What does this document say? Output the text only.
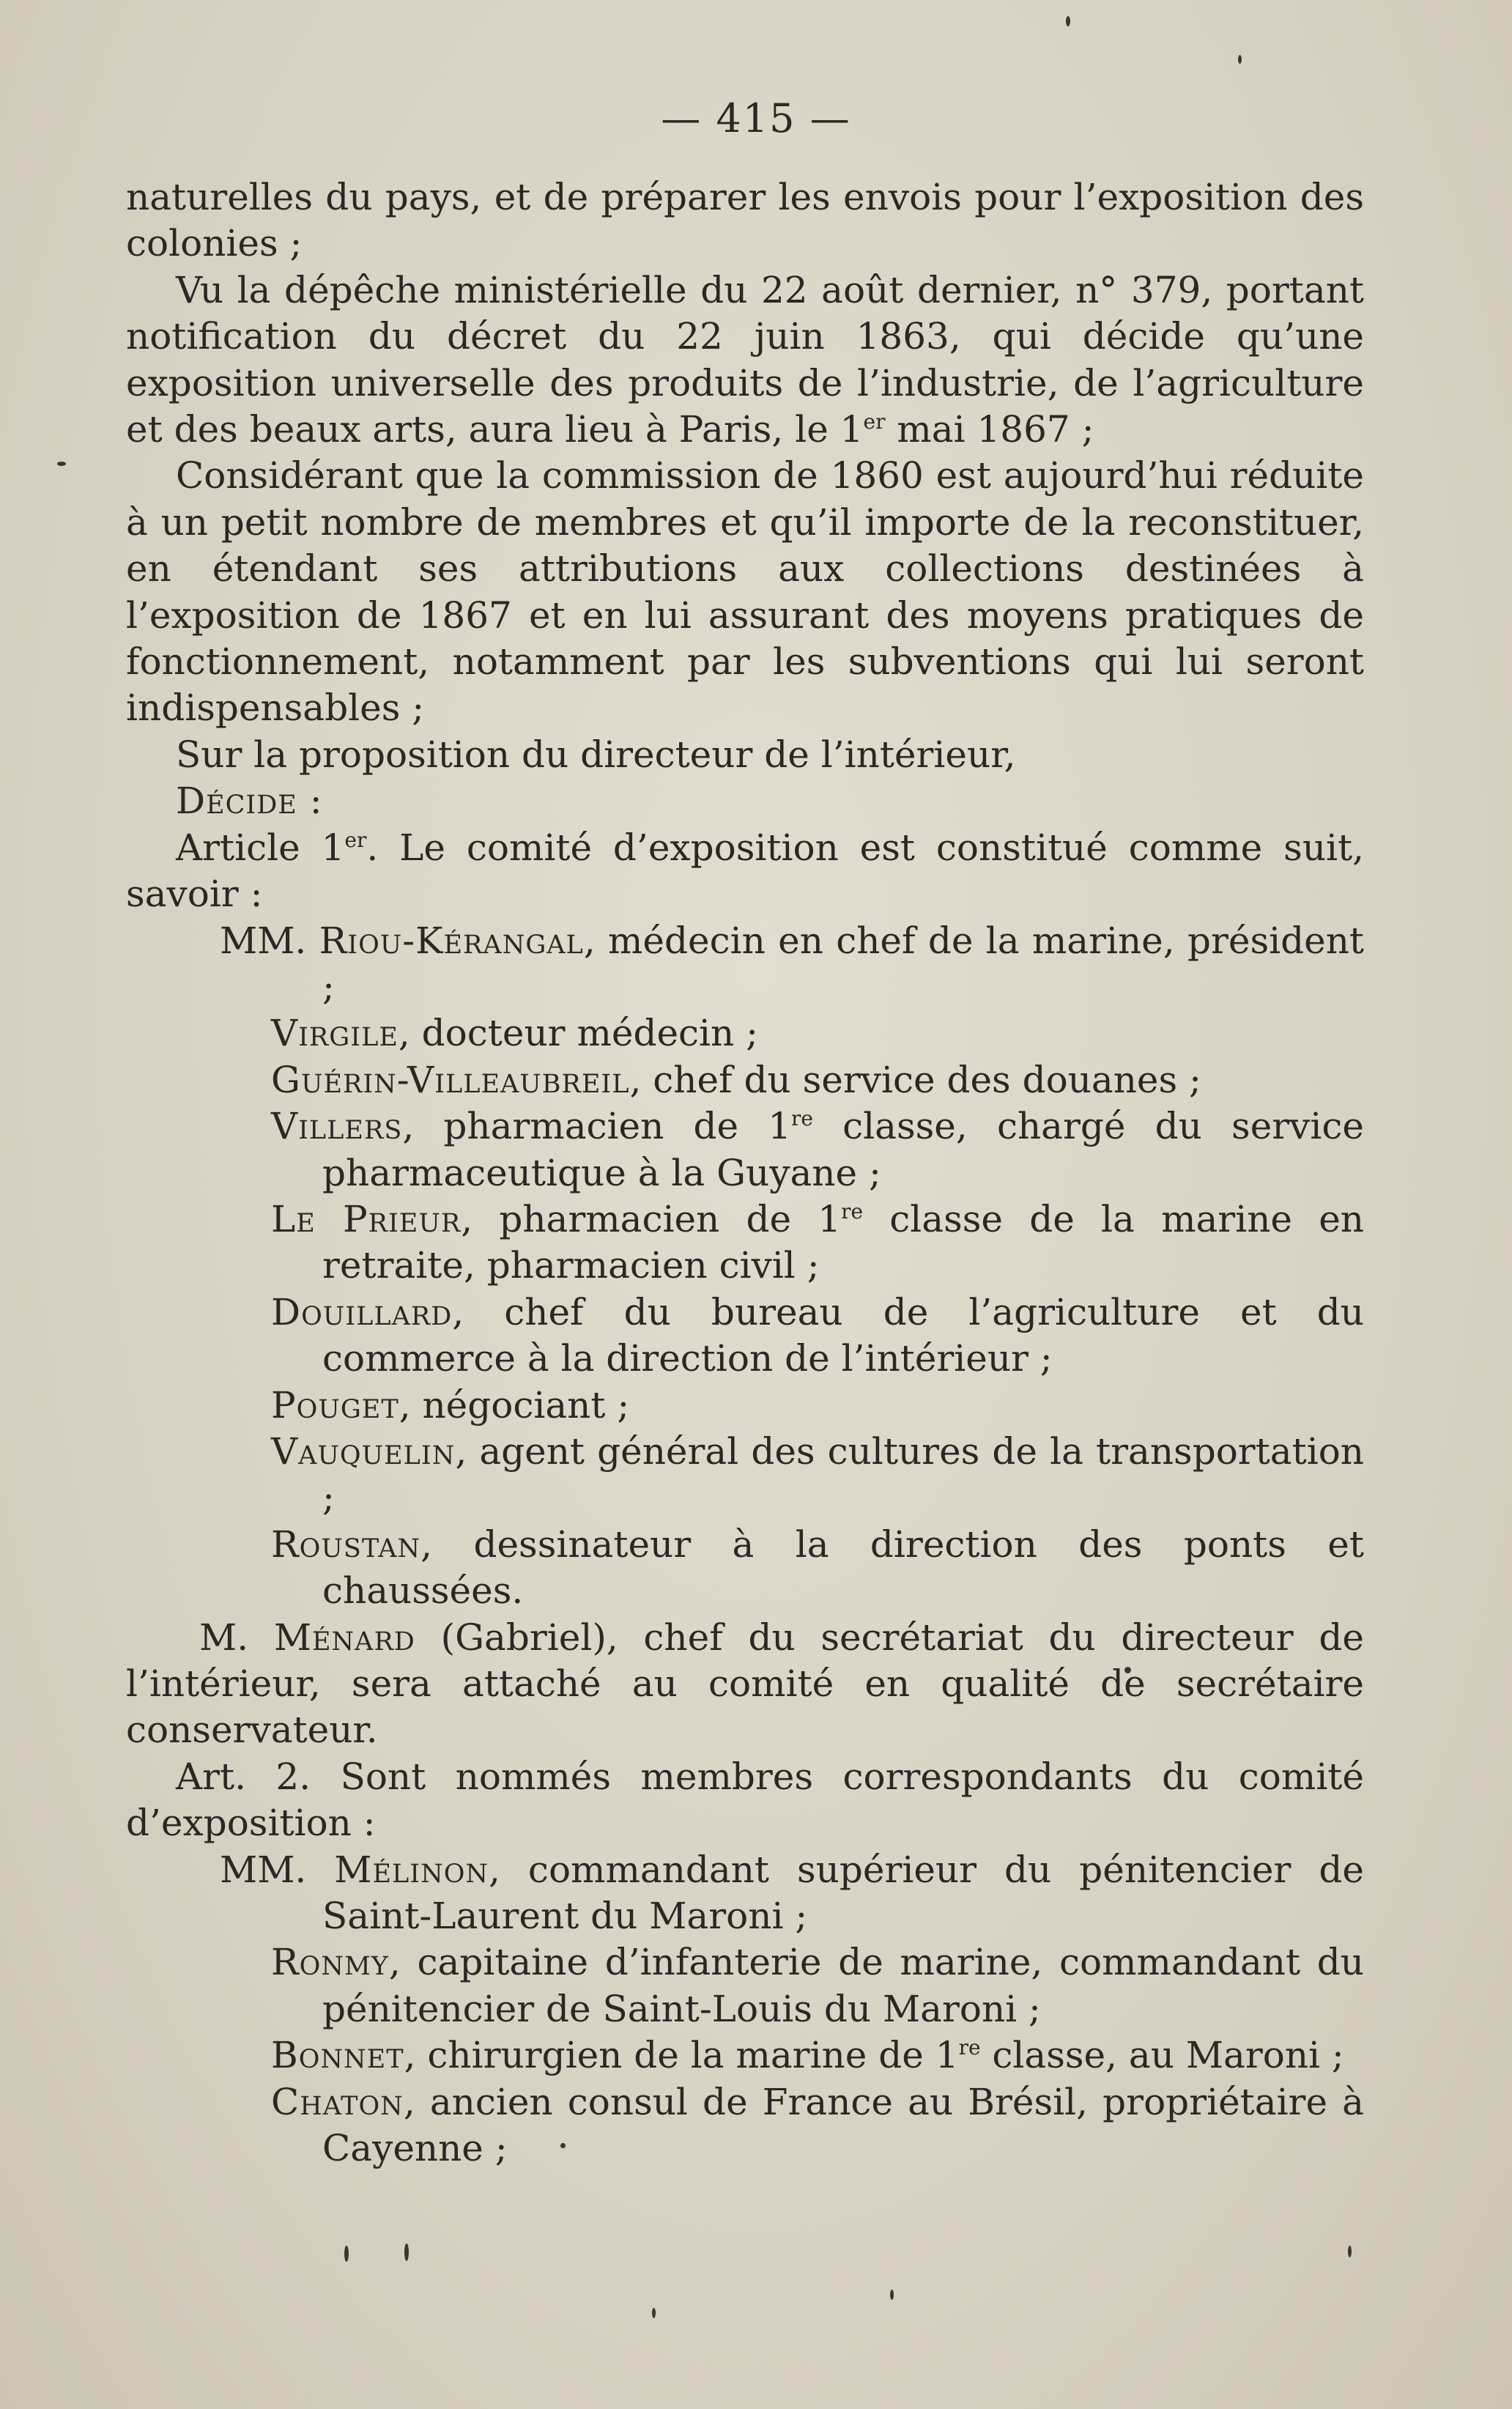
— 415 —

naturelles du pays, et de préparer les envois pour l’exposition des colonies ;

Vu la dépêche ministérielle du 22 août dernier, n° 379, portant notification du décret du 22 juin 1863, qui décide qu’une exposition universelle des produits de l’industrie, de l’agriculture et des beaux arts, aura lieu à Paris, le 1er mai 1867 ;

Considérant que la commission de 1860 est aujourd’hui réduite à un petit nombre de membres et qu’il importe de la reconstituer, en étendant ses attributions aux collections destinées à l’exposition de 1867 et en lui assurant des moyens pratiques de fonctionnement, notamment par les subventions qui lui seront indispensables ;

Sur la proposition du directeur de l’intérieur,

Décide :

Article 1er. Le comité d’exposition est constitué comme suit, savoir :

MM. Riou-Kérangal, médecin en chef de la marine, président ;

Virgile, docteur médecin ;

Guérin-Villeaubreil, chef du service des douanes ;

Villers, pharmacien de 1re classe, chargé du service pharmaceutique à la Guyane ;

Le Prieur, pharmacien de 1re classe de la marine en retraite, pharmacien civil ;

Douillard, chef du bureau de l’agriculture et du commerce à la direction de l’intérieur ;

Pouget, négociant ;

Vauquelin, agent général des cultures de la transportation ;

Roustan, dessinateur à la direction des ponts et chaussées.

M. Ménard (Gabriel), chef du secrétariat du directeur de l’intérieur, sera attaché au comité en qualité de secrétaire conservateur.

Art. 2. Sont nommés membres correspondants du comité d’exposition :

MM. Mélinon, commandant supérieur du pénitencier de Saint-Laurent du Maroni ;

Ronmy, capitaine d’infanterie de marine, commandant du pénitencier de Saint-Louis du Maroni ;

Bonnet, chirurgien de la marine de 1re classe, au Maroni ;

Chaton, ancien consul de France au Brésil, propriétaire à Cayenne ;
